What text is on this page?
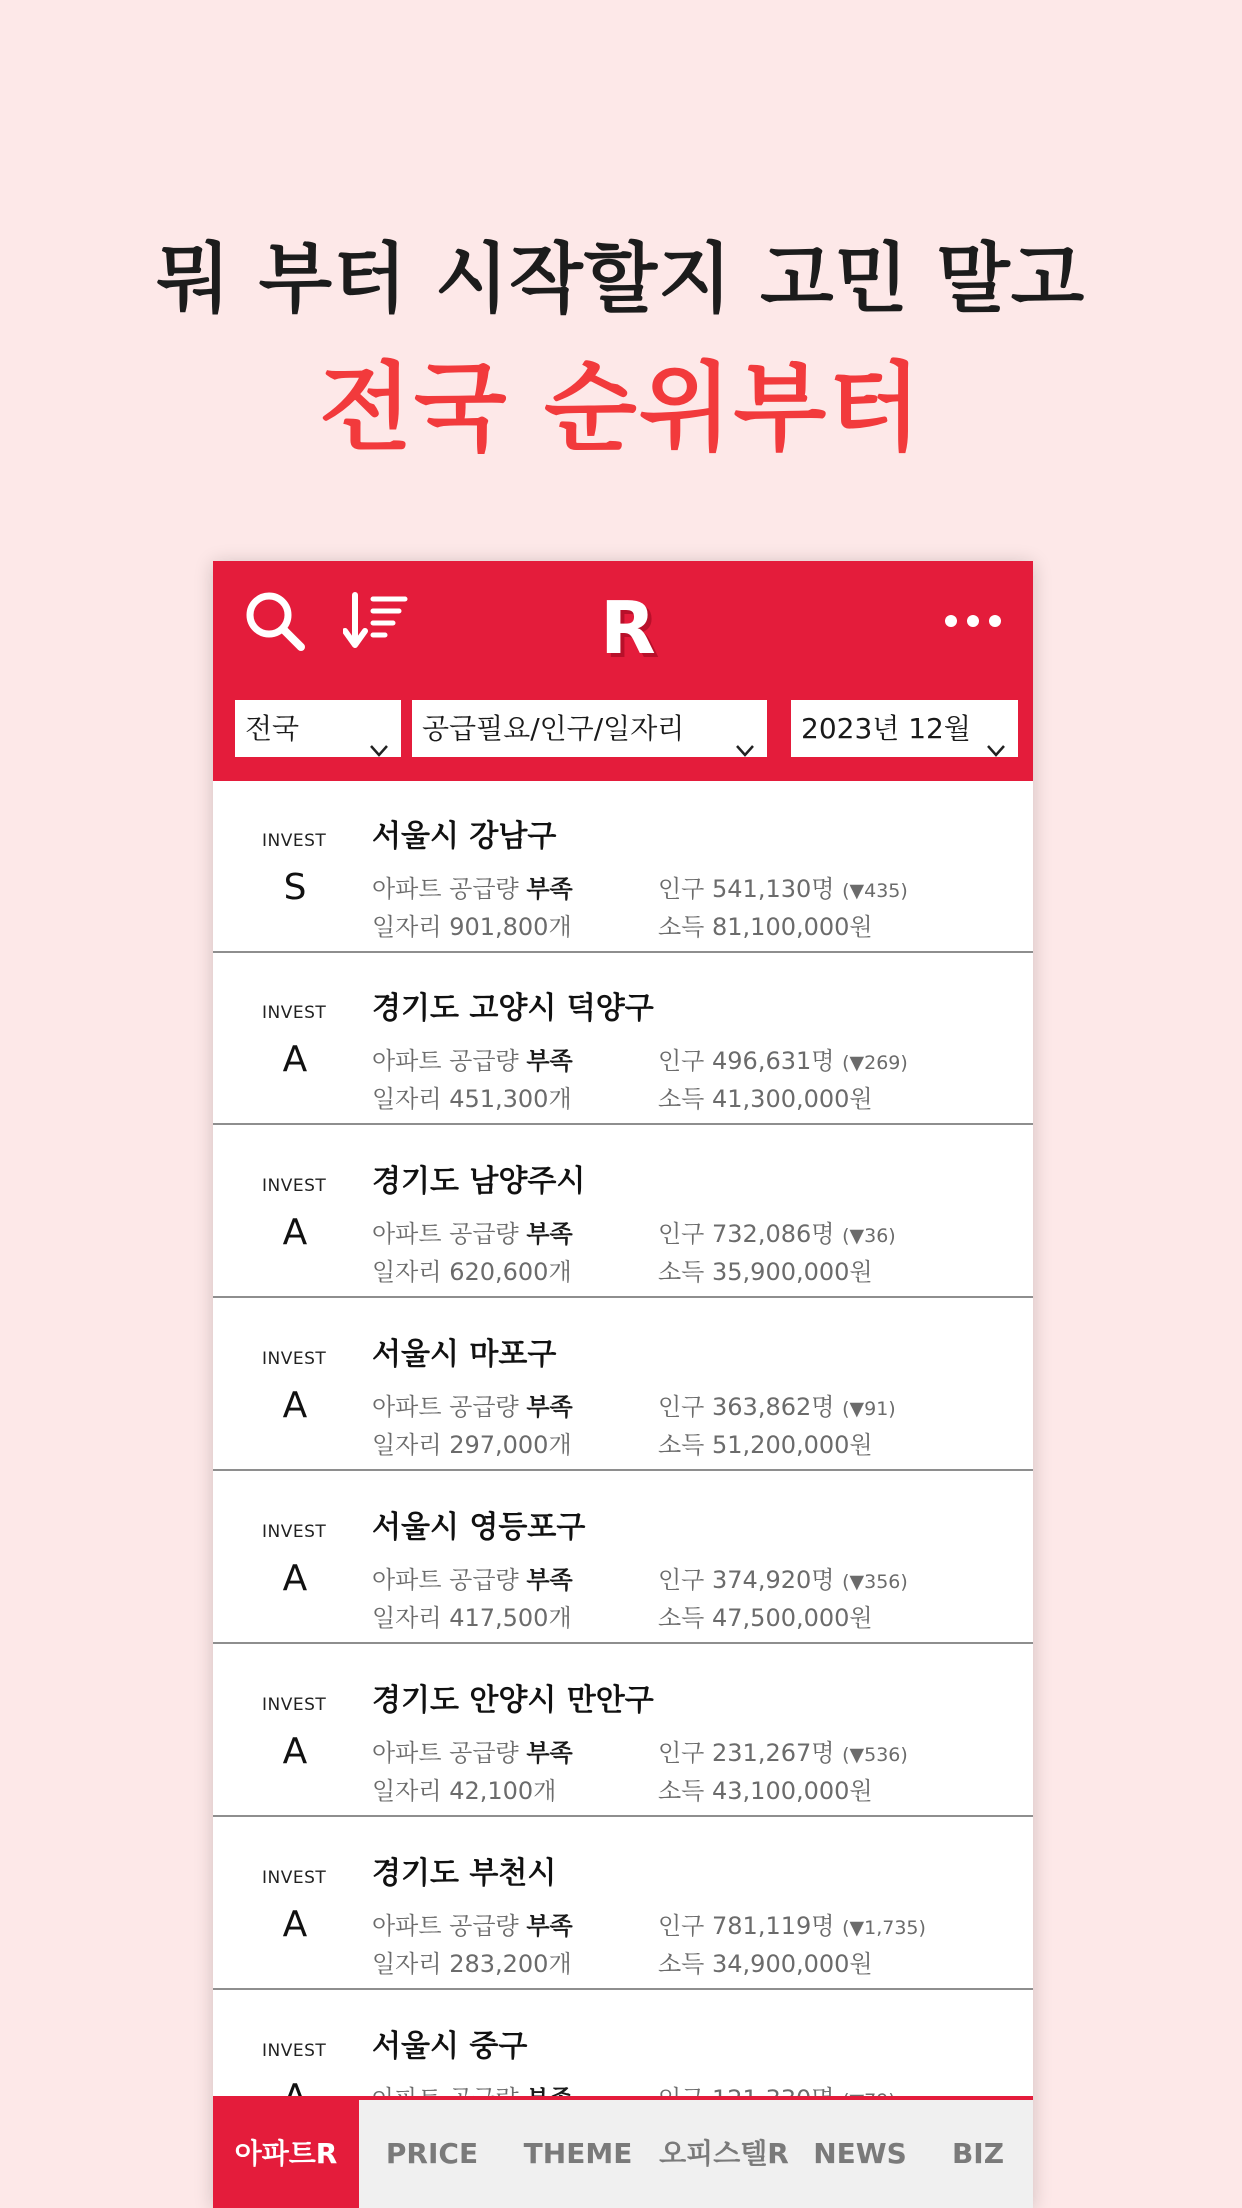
뭐 부터 시작할지 고민 말고
전국 순위부터
R
전국	공급필요/인구/일자리	2023년 12월
INVEST
S
서울시 강남구
아파트 공급량 부족	인구 541,130명 (▼435)
일자리 901,800개	소득 81,100,000원
INVEST
A
경기도 고양시 덕양구
아파트 공급량 부족	인구 496,631명 (▼269)
일자리 451,300개	소득 41,300,000원
INVEST
A
경기도 남양주시
아파트 공급량 부족	인구 732,086명 (▼36)
일자리 620,600개	소득 35,900,000원
INVEST
A
서울시 마포구
아파트 공급량 부족	인구 363,862명 (▼91)
일자리 297,000개	소득 51,200,000원
INVEST
A
서울시 영등포구
아파트 공급량 부족	인구 374,920명 (▼356)
일자리 417,500개	소득 47,500,000원
INVEST
A
경기도 안양시 만안구
아파트 공급량 부족	인구 231,267명 (▼536)
일자리 42,100개	소득 43,100,000원
INVEST
A
경기도 부천시
아파트 공급량 부족	인구 781,119명 (▼1,735)
일자리 283,200개	소득 34,900,000원
INVEST 서울시 중구
아파트R	PRICE	THEME 오피스텔R NEWS	BIZ
